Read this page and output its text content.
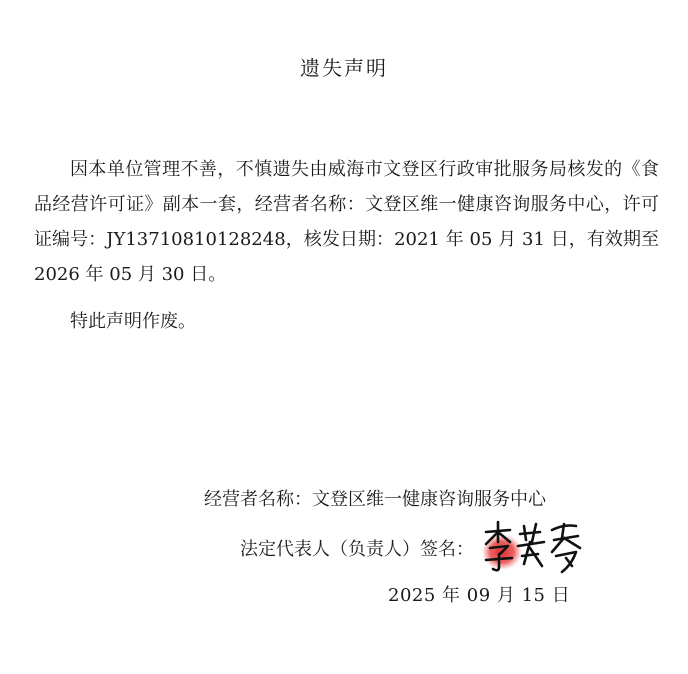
遗失声明

因本单位管理不善，不慎遗失由威海市文登区行政审批服务局核发的《食品经营许可证》副本一套，经营者名称：文登区维一健康咨询服务中心，许可证编号：JY13710810128248，核发日期：2021 年 05 月 31 日，有效期至 2026 年 05 月 30 日。

特此声明作废。

经营者名称：文登区维一健康咨询服务中心
法定代表人（负责人）签名：
2025 年 09 月 15 日
